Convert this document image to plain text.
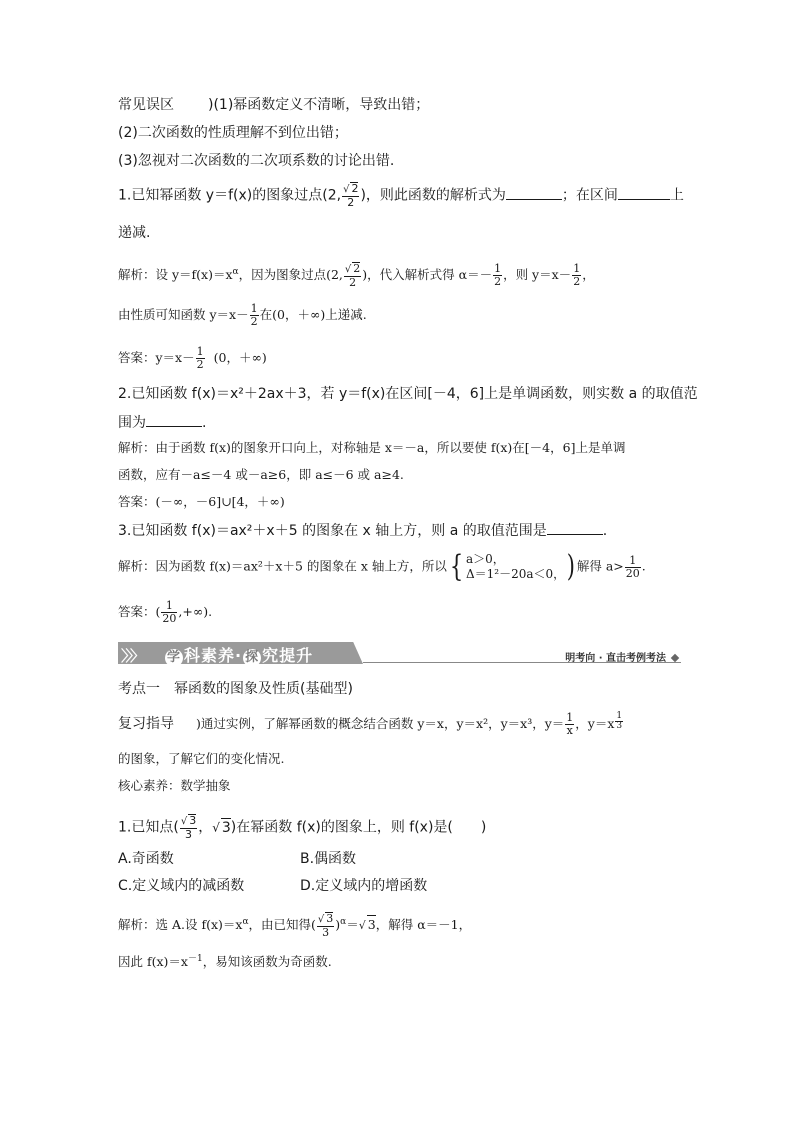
常见误区 )(1)幂函数定义不清晰，导致出错；
(2)二次函数的性质理解不到位出错；
(3)忽视对二次函数的二次项系数的讨论出错.
1.已知幂函数 y＝f(x)的图象过点(2, $\frac{√ 2}{2}$ )，则此函数的解析式为	；在区间	上
递减.
解析：设 $y=f(x)=x^\alpha$，因为图象过点(2, $\frac{√ 2}{2}$ )，代入解析式得 $\alpha=- \frac{1}{2}$ ，则 $y=x- \frac{1}{2}$ ，
由性质可知函数 $y=x- \frac{1}{2}$ 在(0，＋∞)上递减.
答案：$y=x- \frac{1}{2} (0$，＋∞)
2.已知函数 f(x)＝x²＋2ax＋3，若 y＝f(x)在区间[－4，6]上是单调函数，则实数 a 的取值范
围为	.
解析：由于函数 f(x)的图象开口向上，对称轴是 x＝－a，所以要使 f(x)在[－4，6]上是单调
函数，应有－a≤－4 或－a≥6，即 a≤－6 或 a≥4.
答案：(－∞，－6]∪[4，＋∞)
3.已知函数 f(x)＝ax²＋x＋5 的图象在 x 轴上方，则 a 的取值范围是	.
解析：因为函数 f(x)＝ax²＋x＋5 的图象在 x 轴上方，所以{ a＞0，
Δ＝1²－20a＜0， ) 解得 $a> \frac{1}{20}$ .
答案：( $\frac{1}{20}$ ,+∞).
〉〉〉 学 科素养· 探 究提升	明考向 · 直击考例考法
考点一　幂函数的图象及性质(基础型)
复习指导 )通过实例，了解幂函数的概念结合函数 y＝x，y＝x²，y＝x³，$y= \frac{1}{x}$ ，$y=x \frac{1}{3}$
的图象，了解它们的变化情况.
核心素养：数学抽象
1.已知点( $\frac{√ 3}{3}$ ，√ 3)在幂函数 f(x)的图象上，则 f(x)是(　　)
A.奇函数	B.偶函数
C.定义域内的减函数	D.定义域内的增函数
解析：选 A.设 $f(x)=x^\alpha$，由已知得( $\frac{√ 3}{3} )^\alpha=√$ 3，解得 α＝－1，
因此 $f(x)=x^{-1}$，易知该函数为奇函数.
